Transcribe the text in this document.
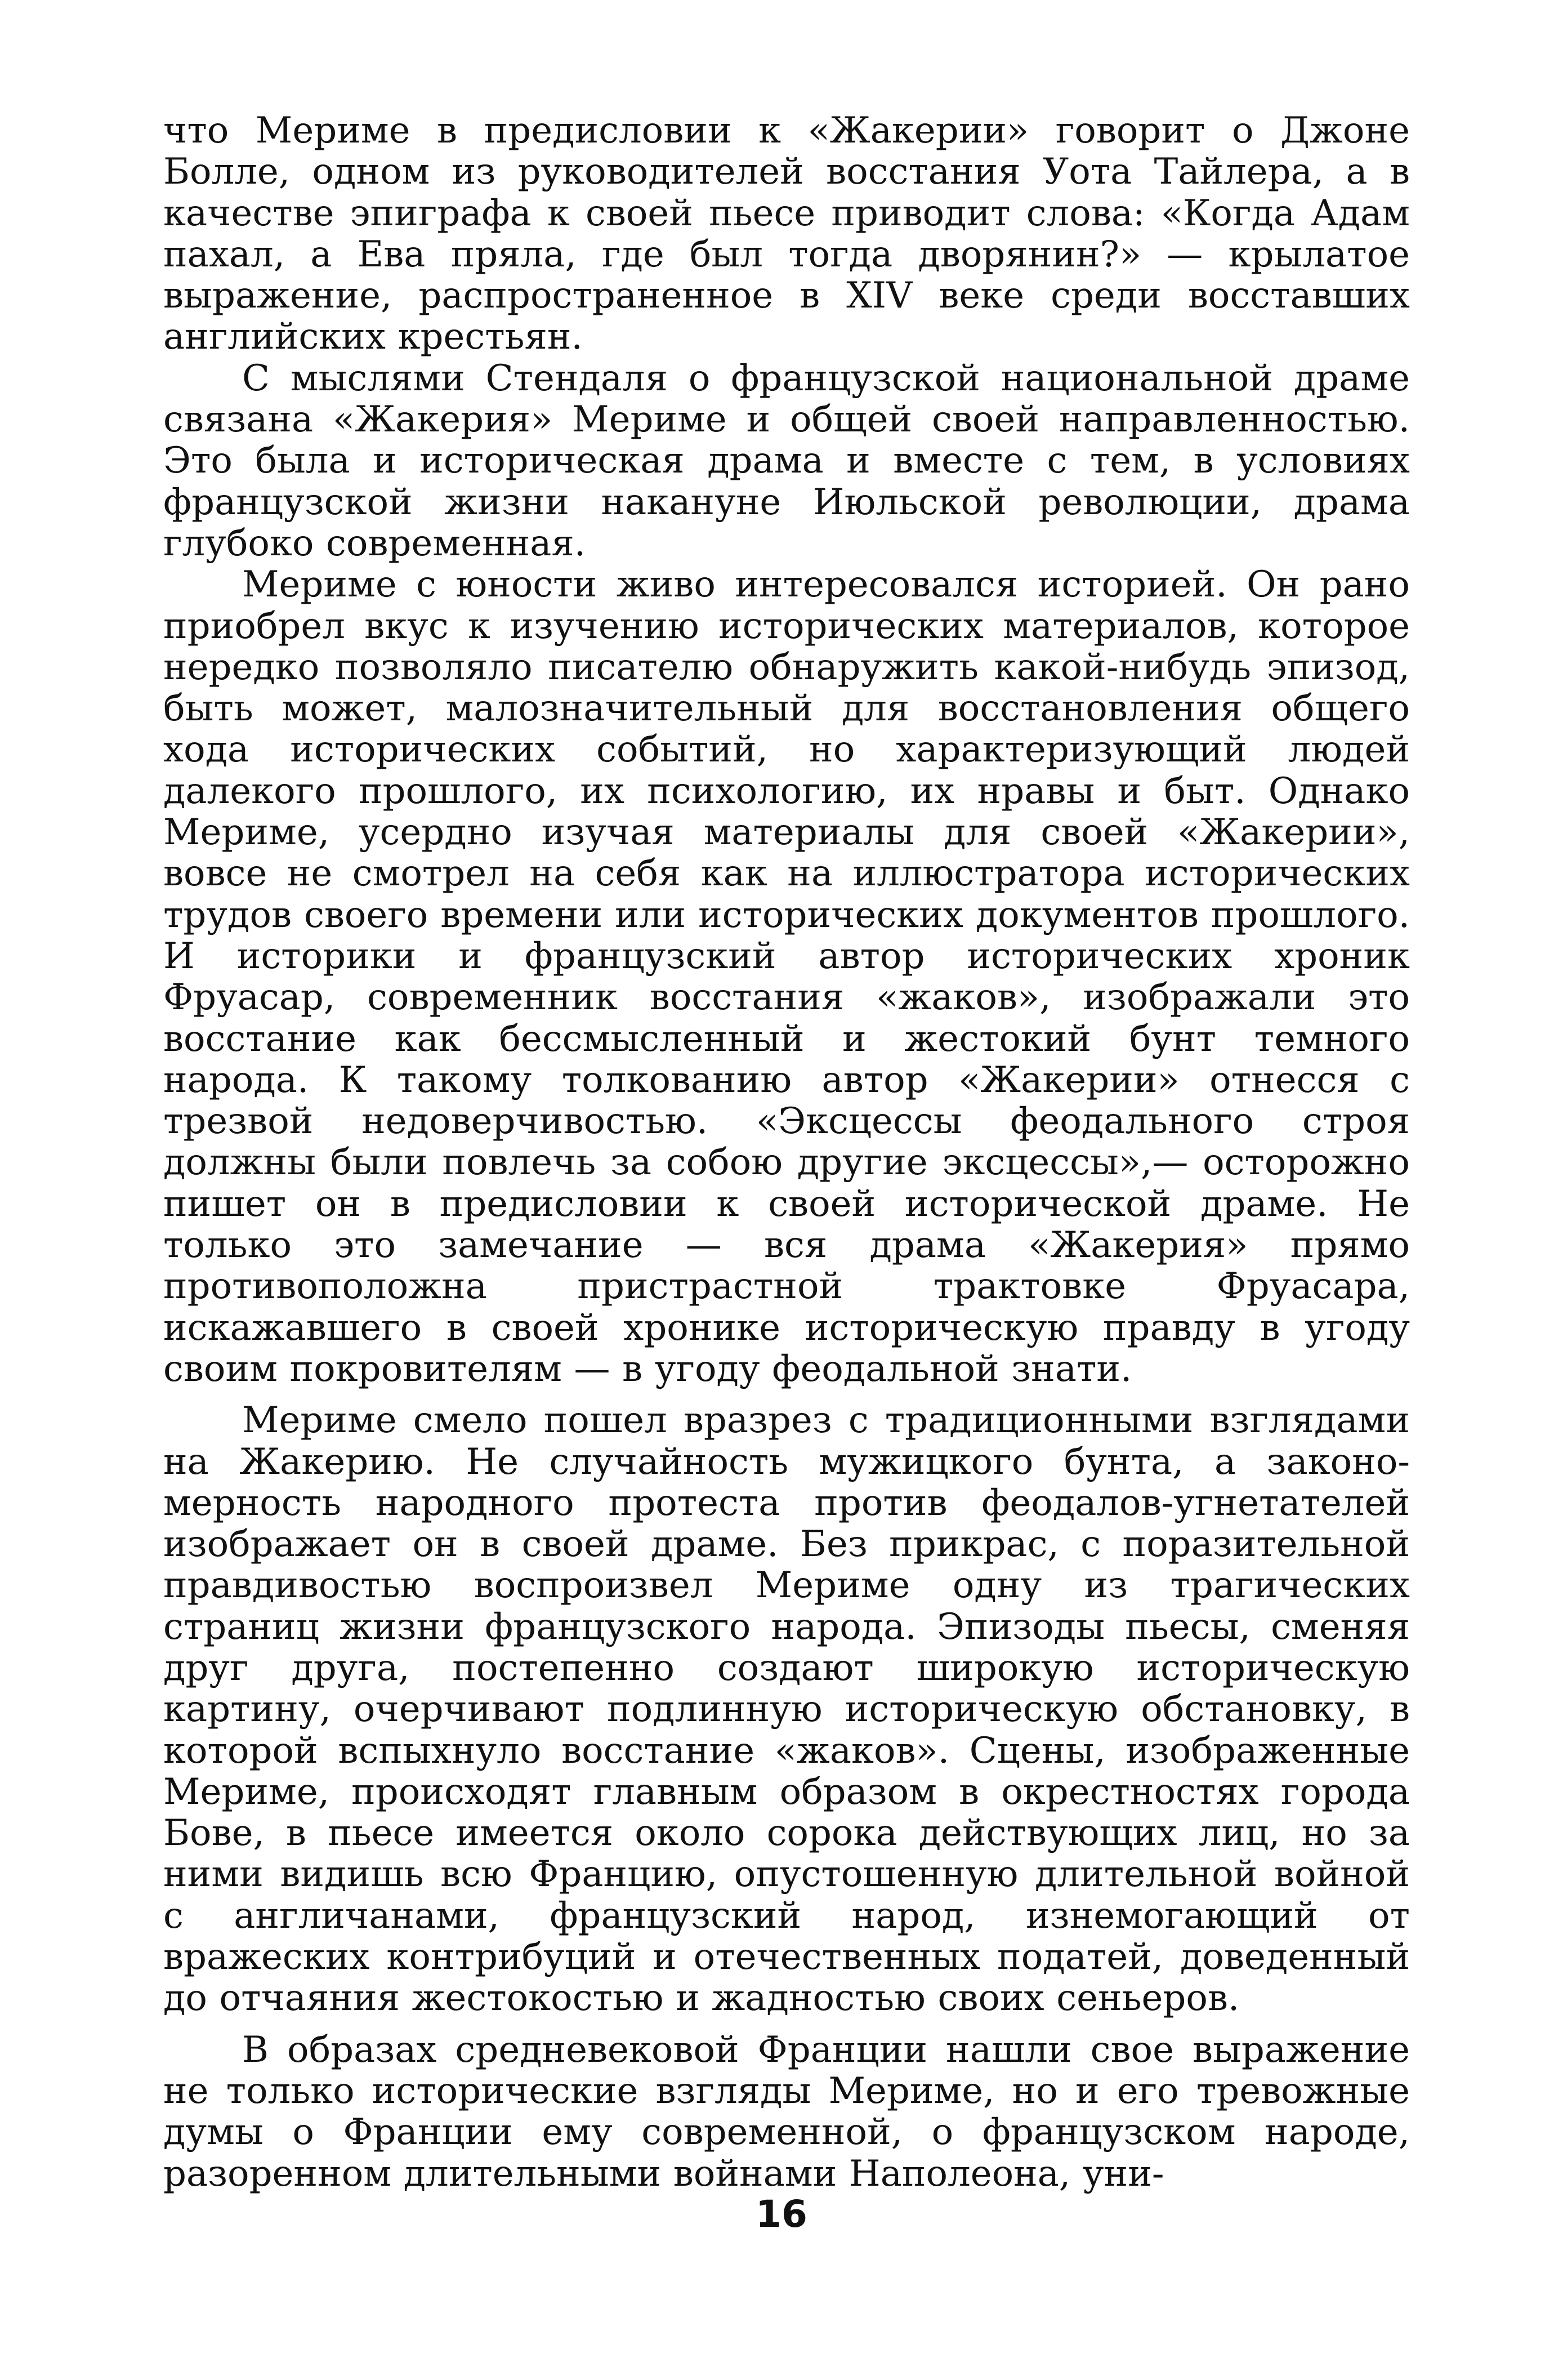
что Мериме в предисловии к «Жакерии» говорит о Джоне Болле, одном из руководителей восстания Уота Тайлера, а в качестве эпиграфа к своей пьесе приводит слова: «Когда Адам пахал, а Ева пряла, где был тогда дворянин?» — крылатое выражение, распространенное в XIV веке среди восставших английских крестьян.

С мыслями Стендаля о французской национальной драме связана «Жакерия» Мериме и общей своей направленностью. Это была и историческая драма и вместе с тем, в условиях французской жизни накануне Июльской революции, драма глубоко современная.

Мериме с юности живо интересовался историей. Он рано приобрел вкус к изучению исторических материалов, которое нередко позволяло писателю обнаружить какой-нибудь эпизод, быть может, малозначительный для восстановления общего хода исторических событий, но характеризующий людей далекого прошлого, их психологию, их нравы и быт. Однако Мериме, усердно изучая материалы для своей «Жакерии», вовсе не смотрел на себя как на иллюстратора исторических трудов своего времени или исторических документов прошлого. И историки и французский автор исторических хроник Фруасар, современник восстания «жаков», изображали это восстание как бессмысленный и жестокий бунт темного народа. К такому толкованию автор «Жакерии» отнесся с трезвой недоверчивостью. «Эксцессы феодального строя должны были повлечь за собою другие эксцессы»,— осторожно пишет он в предисловии к своей исторической драме. Не только это замечание — вся драма «Жакерия» прямо противоположна пристрастной трактовке Фруасара, искажавшего в своей хронике историческую правду в угоду своим покровителям — в угоду феодальной знати.

Мериме смело пошел вразрез с традиционными взглядами на Жакерию. Не случайность мужицкого бунта, а закономерность народного протеста против феодалов-угнетателей изображает он в своей драме. Без прикрас, с поразительной правдивостью воспроизвел Мериме одну из трагических страниц жизни французского народа. Эпизоды пьесы, сменяя друг друга, постепенно создают широкую историческую картину, очерчивают подлинную историческую обстановку, в которой вспыхнуло восстание «жаков». Сцены, изображенные Мериме, происходят главным образом в окрестностях города Бове, в пьесе имеется около сорока действующих лиц, но за ними видишь всю Францию, опустошенную длительной войной с англичанами, французский народ, изнемогающий от вражеских контрибуций и отечественных податей, доведенный до отчаяния жестокостью и жадностью своих сеньеров.

В образах средневековой Франции нашли свое выражение не только исторические взгляды Мериме, но и его тревожные думы о Франции ему современной, о французском народе, разоренном длительными войнами Наполеона, уни-

16
